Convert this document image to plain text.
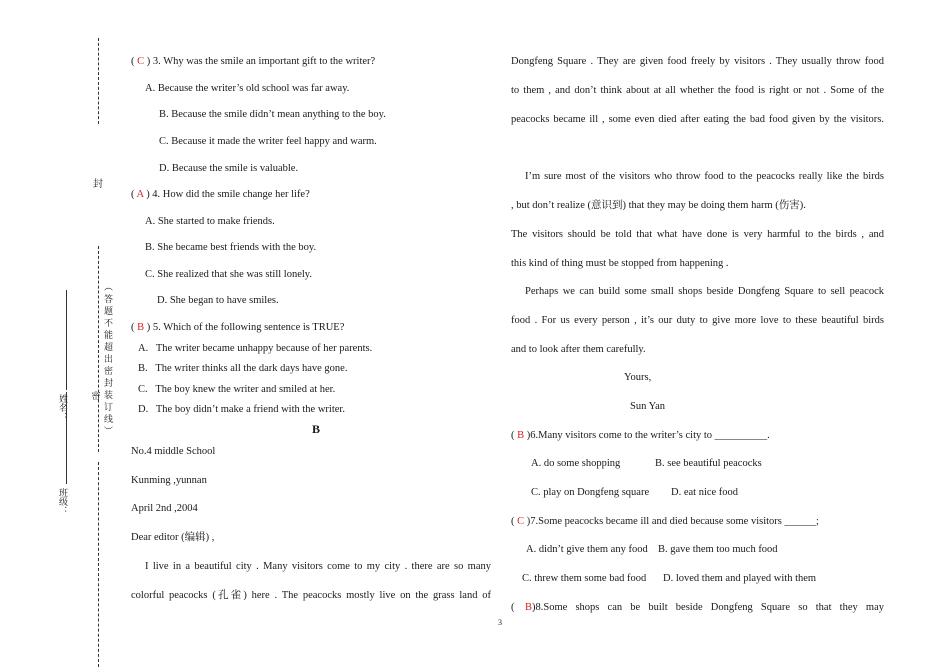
封
（答题不能超出密封装订线）
密
姓名：
班级：
( C ) 3. Why was the smile an important gift to the writer?
A. Because the writer’s old school was far away.
B. Because the smile didn’t mean anything to the boy.
C. Because it made the writer feel happy and warm.
D. Because the smile is valuable.
( A ) 4. How did the smile change her life?
A. She started to make friends.
B. She became best friends with the boy.
C. She realized that she was still lonely.
D. She began to have smiles.
( B ) 5. Which of the following sentence is TRUE?
A.   The writer became unhappy because of her parents.
B.   The writer thinks all the dark days have gone.
C.   The boy knew the writer and smiled at her.
D.   The boy didn’t make a friend with the writer.
B
No.4 middle School
Kunming ,yunnan
April 2nd ,2004
Dear editor (编辑) ,
I live in a beautiful city . Many visitors come to my city . there are so many
colorful peacocks (孔雀) here . The peacocks mostly live on the grass land of
Dongfeng Square . They are given food freely by visitors . They usually throw food
to them , and don’t think about at all whether the food is right or not . Some of the
peacocks became ill , some even died after eating the bad food given by the visitors.
I’m sure most of the visitors who throw food to the peacocks really like the birds
, but don’t realize (意识到) that they may be doing them harm (伤害).
The visitors should be told that what have done is very harmful to the birds , and
this kind of thing must be stopped from happening .
Perhaps we can build some small shops beside Dongfeng Square to sell peacock
food . For us every person , it’s our duty to give more love to these beautiful birds
and to look after them carefully.
Yours,
Sun Yan
( B )6.Many visitors come to the writer’s city to __________.
A. do some shopping	B. see beautiful peacocks
C. play on Dongfeng square D. eat nice food
( C )7.Some peacocks became ill and died because some visitors ______;
A. didn’t give them any food B. gave them too much food
C. threw them some bad food D. loved them and played with them
(    B )8.Some shops can be built beside Dongfeng Square so that they may
3
